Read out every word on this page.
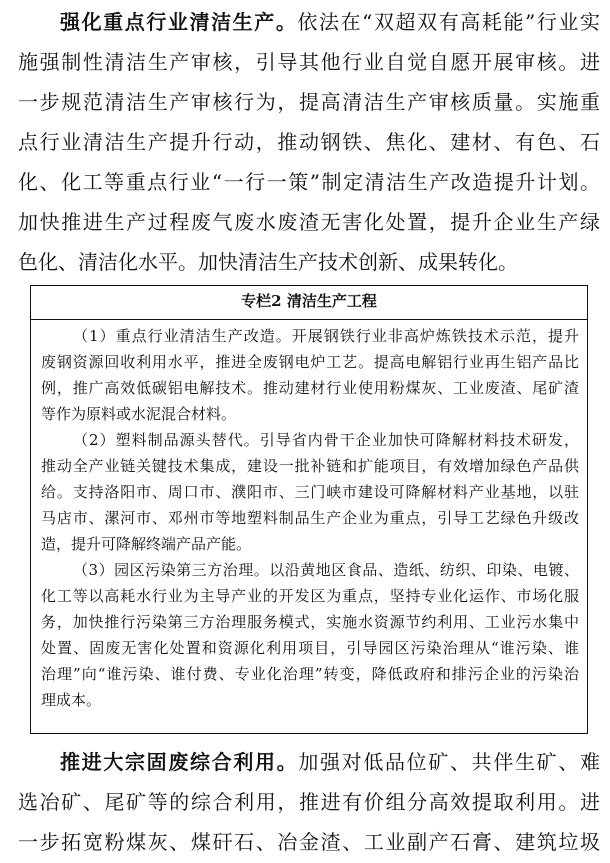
强化重点行业清洁生产。依法在“双超双有高耗能”行业实
施强制性清洁生产审核，引导其他行业自觉自愿开展审核。进
一步规范清洁生产审核行为，提高清洁生产审核质量。实施重
点行业清洁生产提升行动，推动钢铁、焦化、建材、有色、石
化、化工等重点行业“一行一策”制定清洁生产改造提升计划。
加快推进生产过程废气废水废渣无害化处置，提升企业生产绿
色化、清洁化水平。加快清洁生产技术创新、成果转化。
专栏2 清洁生产工程
（1）重点行业清洁生产改造。开展钢铁行业非高炉炼铁技术示范，提升
废钢资源回收利用水平，推进全废钢电炉工艺。提高电解铝行业再生铝产品比
例，推广高效低碳铝电解技术。推动建材行业使用粉煤灰、工业废渣、尾矿渣
等作为原料或水泥混合材料。
（2）塑料制品源头替代。引导省内骨干企业加快可降解材料技术研发，
推动全产业链关键技术集成，建设一批补链和扩能项目，有效增加绿色产品供
给。支持洛阳市、周口市、濮阳市、三门峡市建设可降解材料产业基地，以驻
马店市、漯河市、邓州市等地塑料制品生产企业为重点，引导工艺绿色升级改
造，提升可降解终端产品产能。
（3）园区污染第三方治理。以沿黄地区食品、造纸、纺织、印染、电镀、
化工等以高耗水行业为主导产业的开发区为重点，坚持专业化运作、市场化服
务，加快推行污染第三方治理服务模式，实施水资源节约利用、工业污水集中
处置、固废无害化处置和资源化利用项目，引导园区污染治理从“谁污染、谁
治理”向“谁污染、谁付费、专业化治理”转变，降低政府和排污企业的污染治
理成本。
推进大宗固废综合利用。加强对低品位矿、共伴生矿、难
选冶矿、尾矿等的综合利用，推进有价组分高效提取利用。进
一步拓宽粉煤灰、煤矸石、冶金渣、工业副产石膏、建筑垃圾
